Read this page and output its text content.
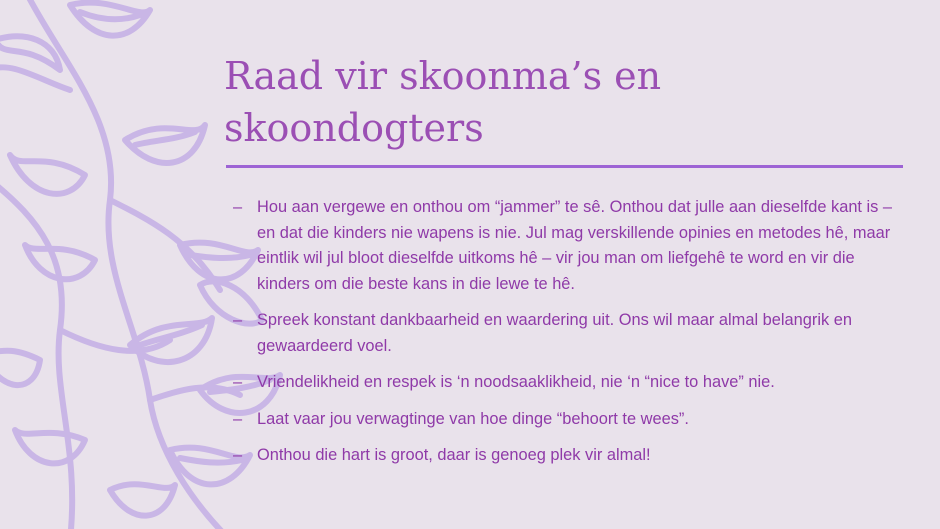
Raad vir skoonma’s en skoondogters
– Hou aan vergewe en onthou om “jammer” te sê. Onthou dat julle aan dieselfde kant is – en dat die kinders nie wapens is nie. Jul mag verskillende opinies en metodes hê, maar eintlik wil jul bloot dieselfde uitkoms hê – vir jou man om liefgehê te word en vir die kinders om die beste kans in die lewe te hê.
– Spreek konstant dankbaarheid en waardering uit. Ons wil maar almal belangrik en gewaardeerd voel.
– Vriendelikheid en respek is ‘n noodsaaklikheid, nie ‘n “nice to have” nie.
– Laat vaar jou verwagtinge van hoe dinge “behoort te wees”.
– Onthou die hart is groot, daar is genoeg plek vir almal!
